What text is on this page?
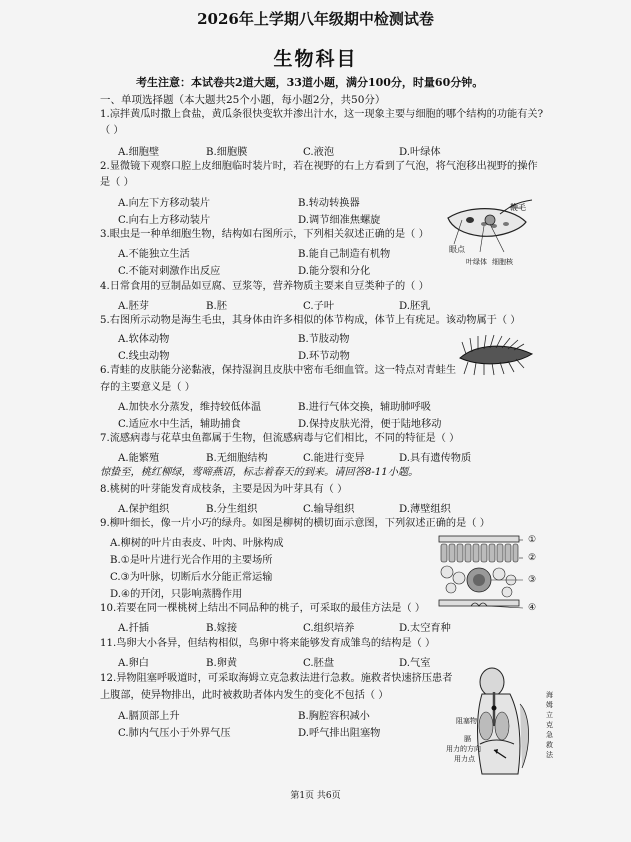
2026年上学期八年级期中检测试卷
生物科目
考生注意：本试卷共2道大题，33道小题，满分100分，时量60分钟。
一、单项选择题（本大题共25个小题，每小题2分，共50分）
1.凉拌黄瓜时撒上食盐，黄瓜条很快变软并渗出汁水，这一现象主要与细胞的哪个结构的功能有关?
（ ）
A.细胞壁	B.细胞膜	C.液泡	D.叶绿体
2.显微镜下观察口腔上皮细胞临时装片时，若在视野的右上方看到了气泡，将气泡移出视野的操作
是（ ）
A.向左下方移动装片	B.转动转换器
C.向右上方移动装片	D.调节细准焦螺旋
鞭毛
眼点
叶绿体 细胞核
3.眼虫是一种单细胞生物，结构如右图所示，下列相关叙述正确的是（ ）
A.不能独立生活	B.能自己制造有机物
C.不能对刺激作出反应	D.能分裂和分化
4.日常食用的豆制品如豆腐、豆浆等，营养物质主要来自豆类种子的（ ）
A.胚芽	B.胚	C.子叶	D.胚乳
5.右图所示动物是海生毛虫，其身体由许多相似的体节构成，体节上有疣足。该动物属于（ ）
A.软体动物	B.节肢动物
C.线虫动物	D.环节动物
6.青蛙的皮肤能分泌黏液，保持湿润且皮肤中密布毛细血管。这一特点对青蛙生
存的主要意义是（ ）
A.加快水分蒸发，维持较低体温	B.进行气体交换，辅助肺呼吸
C.适应水中生活，辅助捕食	D.保持皮肤光滑，便于陆地移动
7.流感病毒与花草虫鱼都属于生物，但流感病毒与它们相比，不同的特征是（ ）
A.能繁殖	B.无细胞结构	C.能进行变异	D.具有遗传物质
惊蛰至，桃红柳绿，莺啼燕语，标志着春天的到来。请回答8-11小题。
8.桃树的叶芽能发育成枝条，主要是因为叶芽具有（ ）
A.保护组织	B.分生组织	C.输导组织	D.薄壁组织
9.柳叶细长，像一片小巧的绿舟。如图是柳树的横切面示意图，下列叙述正确的是（ ）
A.柳树的叶片由表皮、叶肉、叶脉构成
B.①是叶片进行光合作用的主要场所
C.③为叶脉，切断后水分能正常运输
D.④的开闭，只影响蒸腾作用
①
②
③
④
10.若要在同一棵桃树上结出不同品种的桃子，可采取的最佳方法是（ ）
A.扦插	B.嫁接	C.组织培养	D.太空育种
11.鸟卵大小各异，但结构相似，鸟卵中将来能够发育成雏鸟的结构是（ ）
A.卵白	B.卵黄	C.胚盘	D.气室
12.异物阻塞呼吸道时，可采取海姆立克急救法进行急救。施救者快速挤压患者
上腹部，使异物排出，此时被救助者体内发生的变化不包括（ ）
A.膈顶部上升	B.胸腔容积减小
C.肺内气压小于外界气压	D.呼气排出阻塞物
阻塞物
膈
用力的方向
用力点
海
姆
立
克
急
救
法
第1页 共6页
